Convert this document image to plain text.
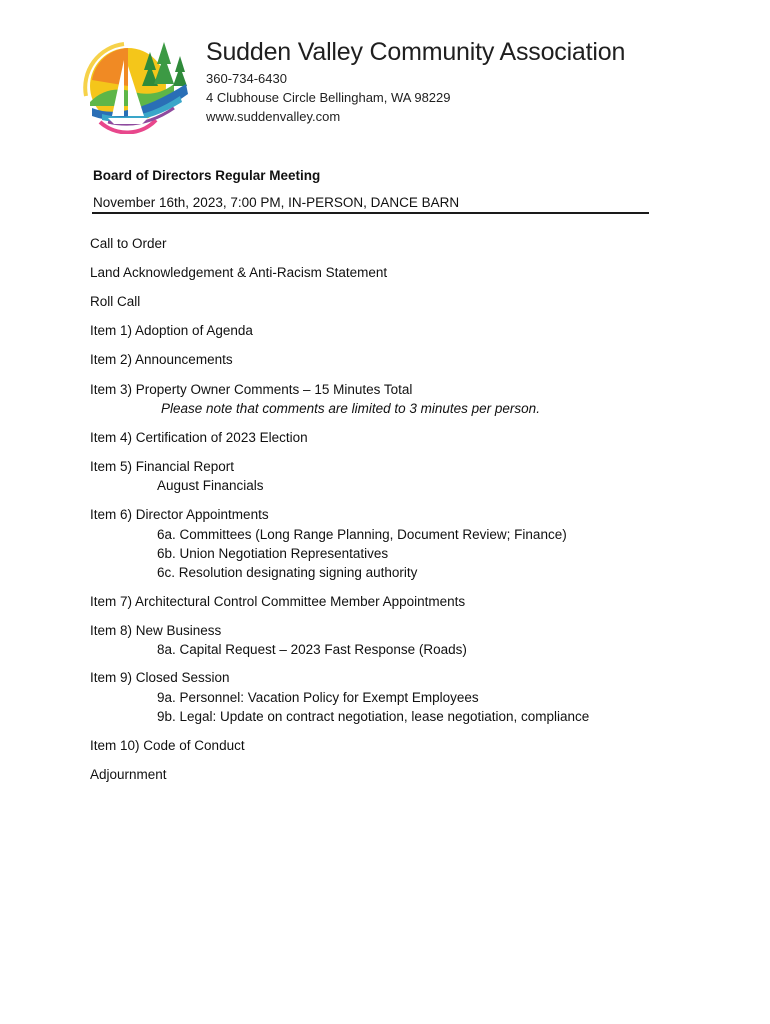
Sudden Valley Community Association
360-734-6430
4 Clubhouse Circle Bellingham, WA 98229
www.suddenvalley.com
Board of Directors Regular Meeting
November 16th, 2023, 7:00 PM, IN-PERSON, DANCE BARN
Call to Order
Land Acknowledgement & Anti-Racism Statement
Roll Call
Item 1) Adoption of Agenda
Item 2) Announcements
Item 3) Property Owner Comments – 15 Minutes Total
Please note that comments are limited to 3 minutes per person.
Item 4) Certification of 2023 Election
Item 5) Financial Report
August Financials
Item 6) Director Appointments
6a. Committees (Long Range Planning, Document Review; Finance)
6b. Union Negotiation Representatives
6c. Resolution designating signing authority
Item 7) Architectural Control Committee Member Appointments
Item 8) New Business
8a. Capital Request – 2023 Fast Response (Roads)
Item 9) Closed Session
9a. Personnel: Vacation Policy for Exempt Employees
9b. Legal: Update on contract negotiation, lease negotiation, compliance
Item 10) Code of Conduct
Adjournment
